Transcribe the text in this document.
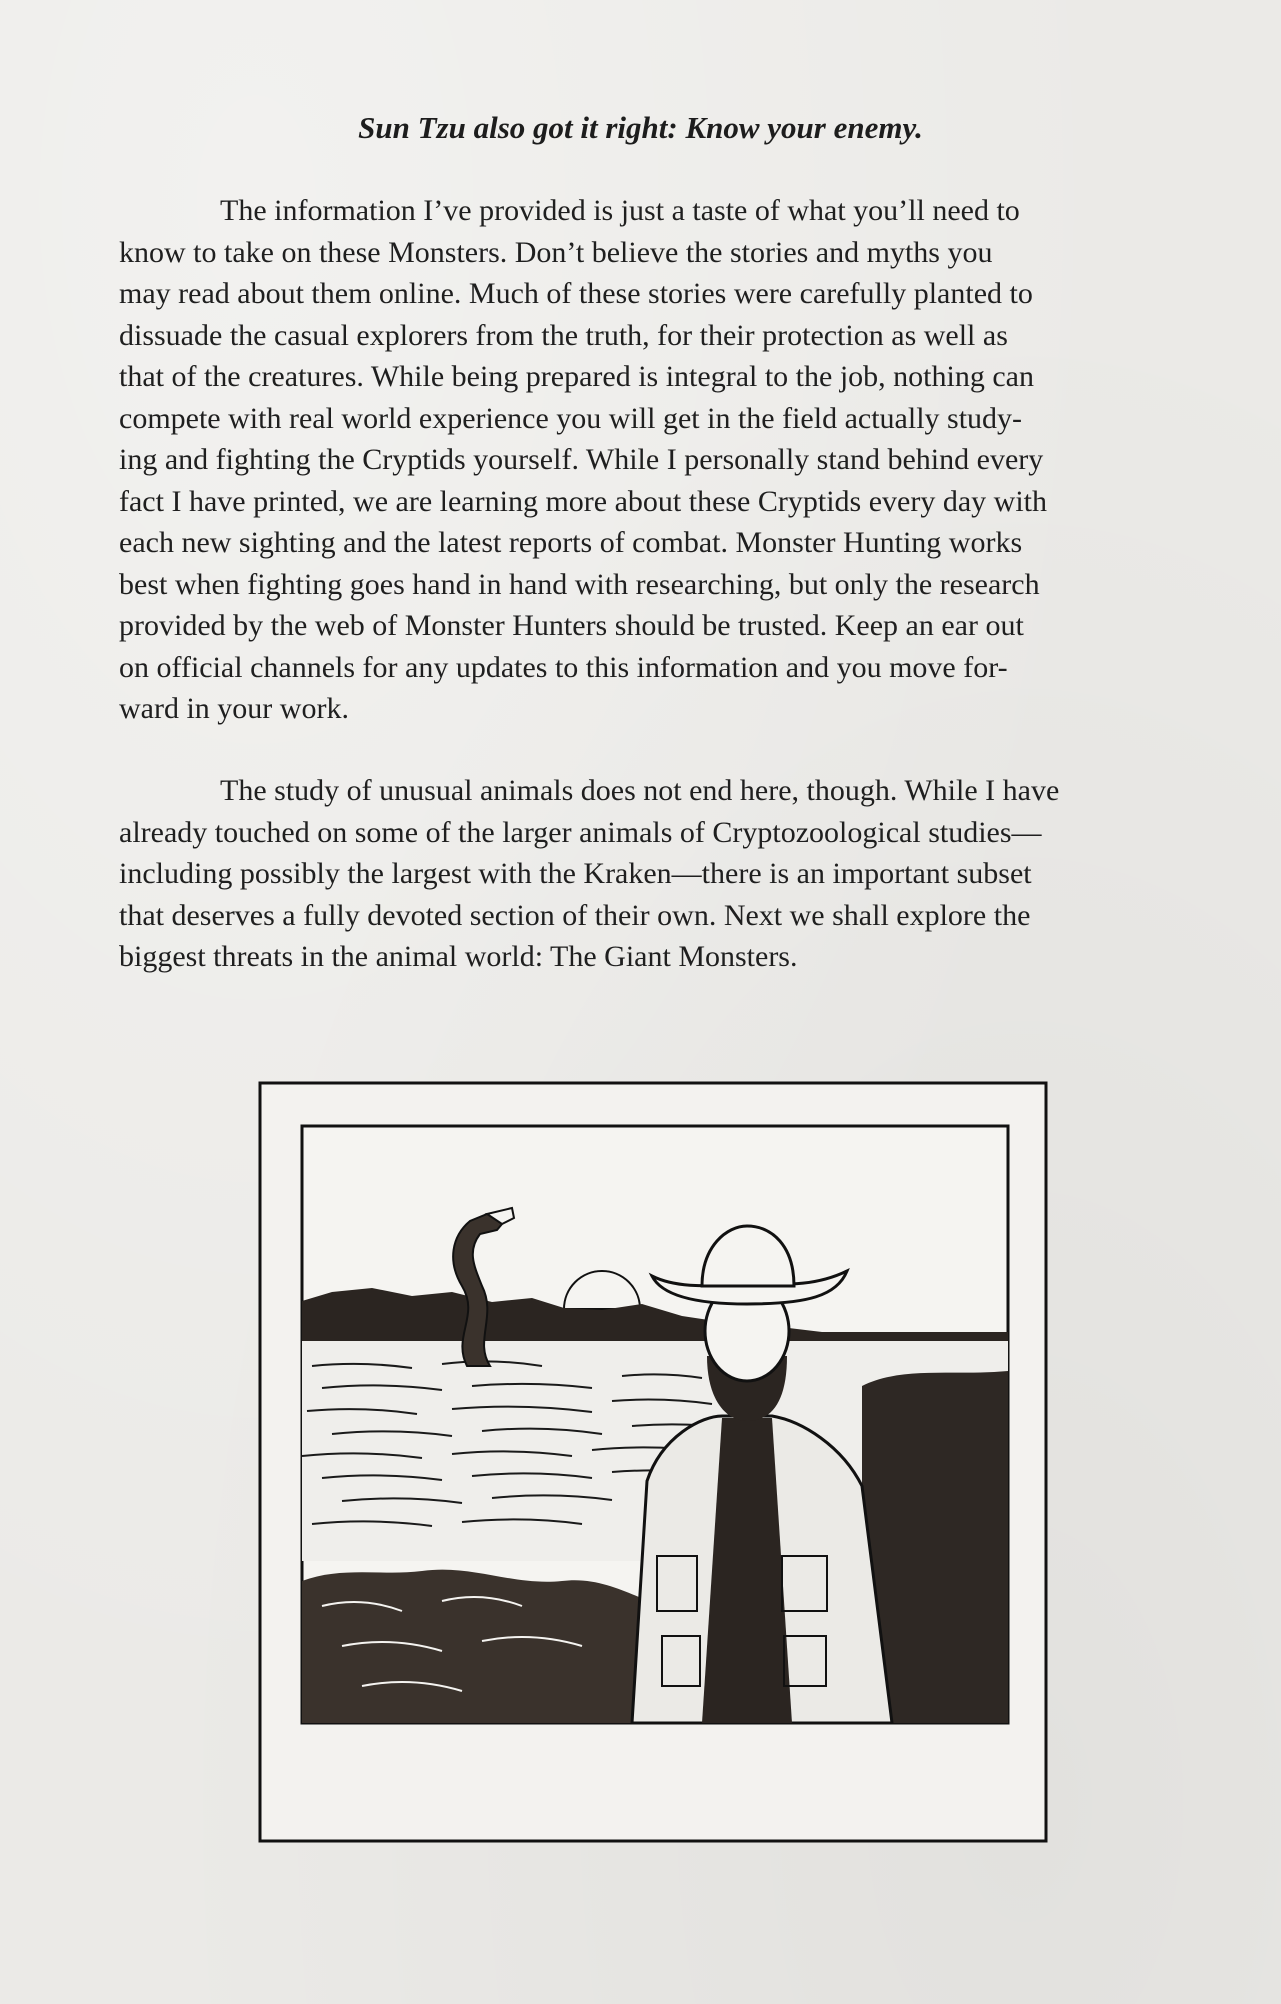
Sun Tzu also got it right: Know your enemy.
The information I’ve provided is just a taste of what you’ll need to
know to take on these Monsters. Don’t believe the stories and myths you
may read about them online. Much of these stories were carefully planted to
dissuade the casual explorers from the truth, for their protection as well as
that of the creatures. While being prepared is integral to the job, nothing can
compete with real world experience you will get in the field actually study-
ing and fighting the Cryptids yourself. While I personally stand behind every
fact I have printed, we are learning more about these Cryptids every day with
each new sighting and the latest reports of combat. Monster Hunting works
best when fighting goes hand in hand with researching, but only the research
provided by the web of Monster Hunters should be trusted. Keep an ear out
on official channels for any updates to this information and you move for-
ward in your work.
The study of unusual animals does not end here, though. While I have
already touched on some of the larger animals of Cryptozoological studies—
including possibly the largest with the Kraken—there is an important subset
that deserves a fully devoted section of their own. Next we shall explore the
biggest threats in the animal world: The Giant Monsters.
